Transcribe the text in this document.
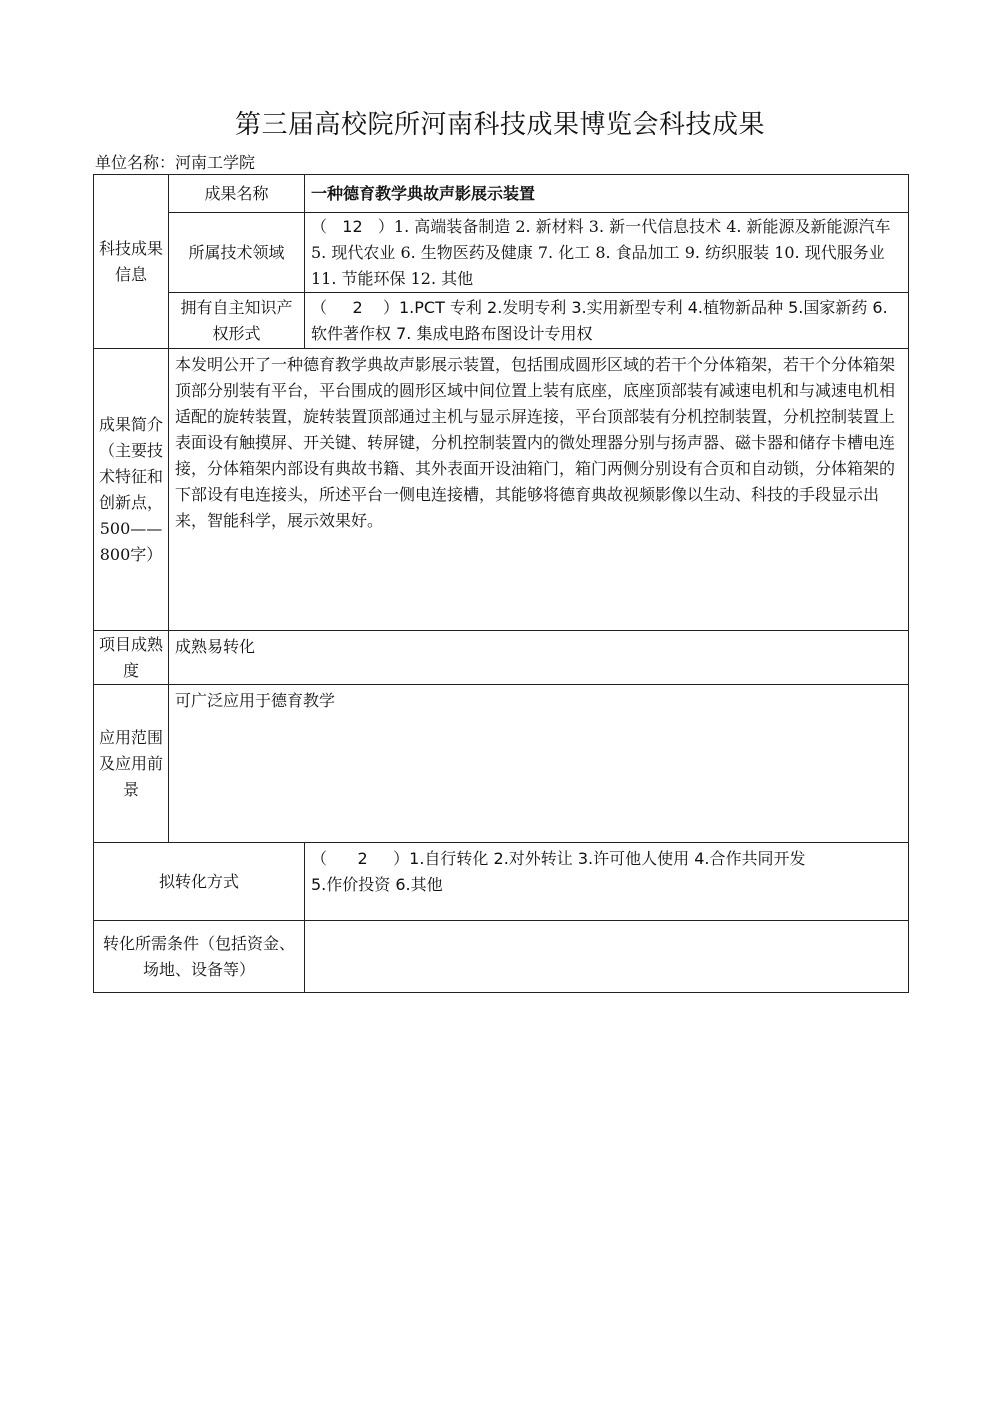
第三届高校院所河南科技成果博览会科技成果
单位名称：河南工学院
科技成果信息	成果名称	一种德育教学典故声影展示装置
	所属技术领域	（   12   ）1. 高端装备制造 2. 新材料 3. 新一代信息技术 4. 新能源及新能源汽车 5. 现代农业 6. 生物医药及健康 7. 化工 8. 食品加工 9. 纺织服装 10. 现代服务业 11. 节能环保 12. 其他
	拥有自主知识产权形式	（     2    ）1.PCT 专利 2.发明专利 3.实用新型专利 4.植物新品种 5.国家新药 6.软件著作权 7. 集成电路布图设计专用权
成果简介（主要技术特征和创新点，500——800字）	本发明公开了一种德育教学典故声影展示装置，包括围成圆形区域的若干个分体箱架，若干个分体箱架顶部分别装有平台，平台围成的圆形区域中间位置上装有底座，底座顶部装有减速电机和与减速电机相适配的旋转装置，旋转装置顶部通过主机与显示屏连接，平台顶部装有分机控制装置，分机控制装置上表面设有触摸屏、开关键、转屏键，分机控制装置内的微处理器分别与扬声器、磁卡器和储存卡槽电连接，分体箱架内部设有典故书籍、其外表面开设油箱门，箱门两侧分别设有合页和自动锁，分体箱架的下部设有电连接头，所述平台一侧电连接槽，其能够将德育典故视频影像以生动、科技的手段显示出来，智能科学，展示效果好。	
项目成熟度	成熟易转化	
应用范围及应用前景	可广泛应用于德育教学	
拟转化方式		（      2     ）1.自行转化 2.对外转让 3.许可他人使用 4.合作共同开发
5.作价投资 6.其他

转化所需条件（包括资金、场地、设备等）		
